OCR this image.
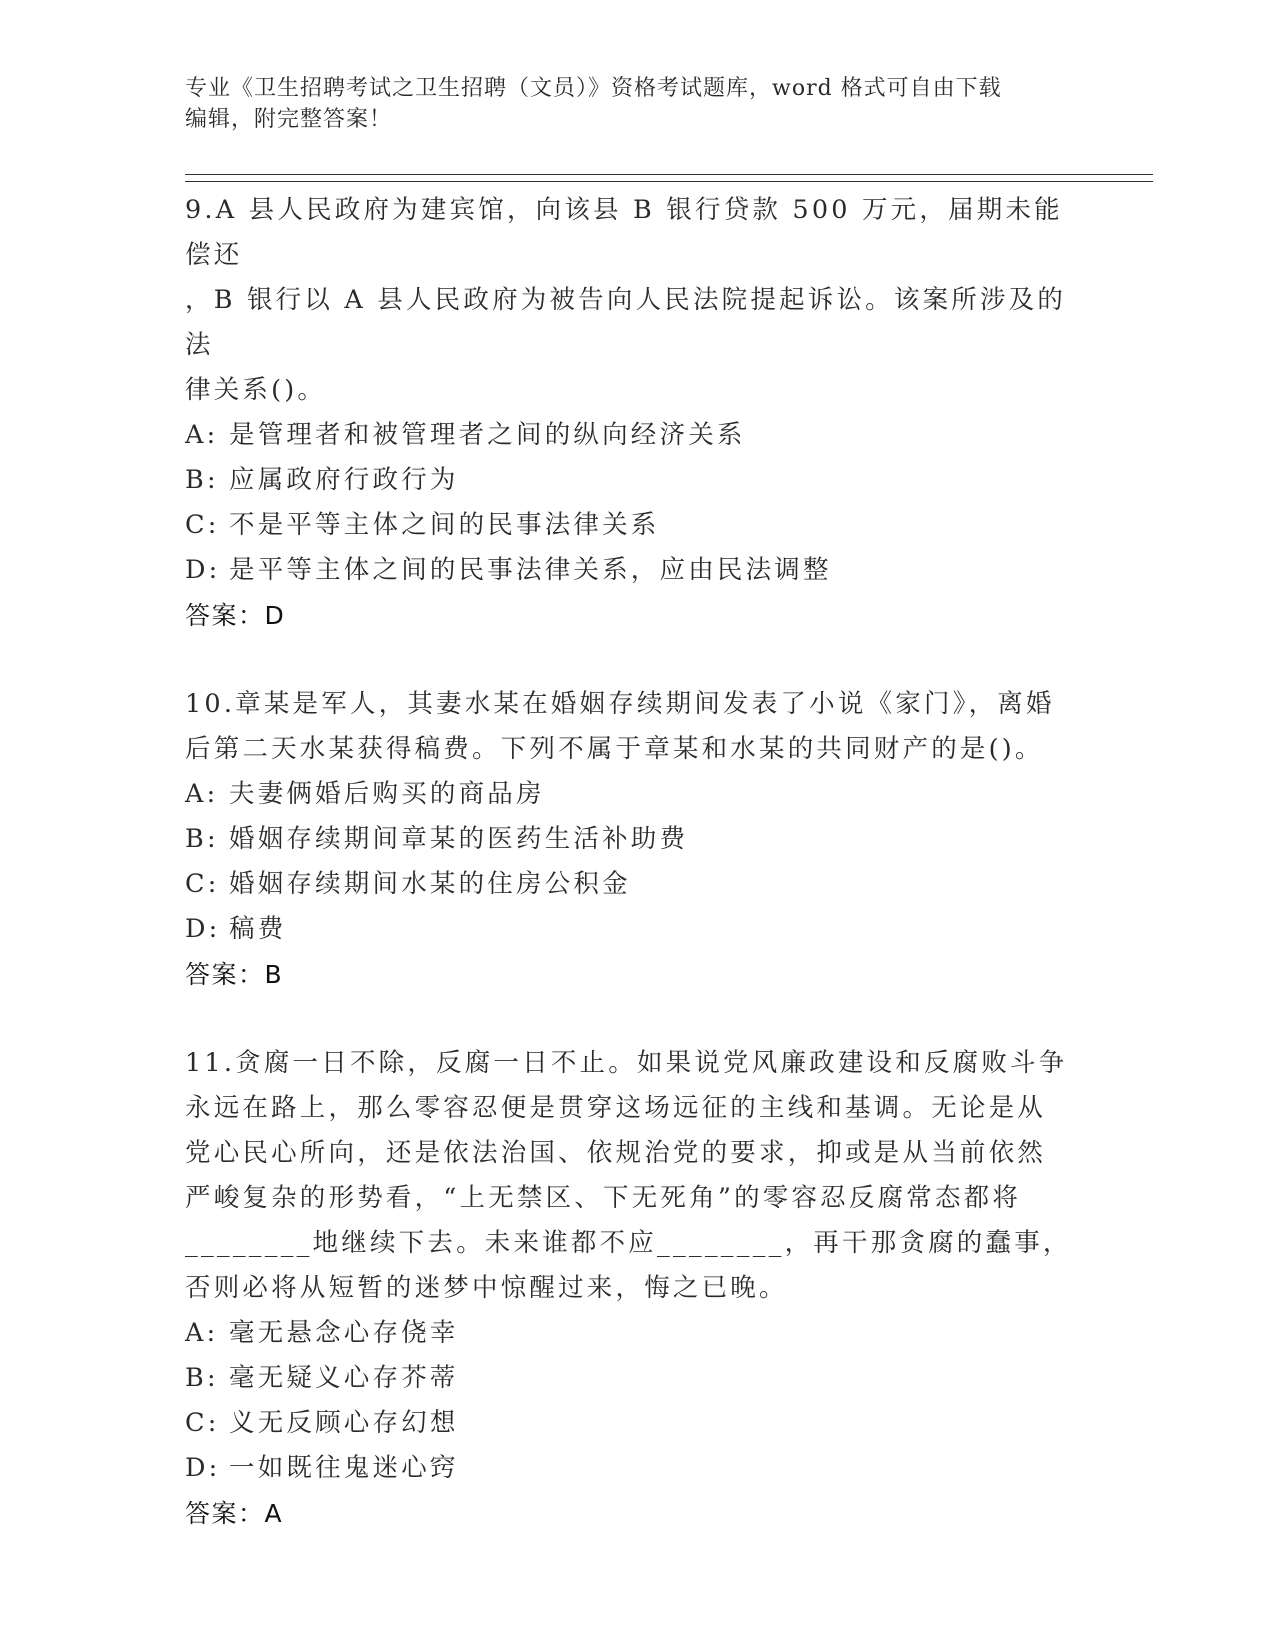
专业《卫生招聘考试之卫生招聘（文员）》资格考试题库，word 格式可自由下载
编辑，附完整答案！

9.A 县人民政府为建宾馆，向该县 B 银行贷款 500 万元，届期未能偿还

，B 银行以 A 县人民政府为被告向人民法院提起诉讼。该案所涉及的法

律关系()。

A: 是管理者和被管理者之间的纵向经济关系

B: 应属政府行政行为

C: 不是平等主体之间的民事法律关系

D: 是平等主体之间的民事法律关系，应由民法调整

答案：D

10.章某是军人，其妻水某在婚姻存续期间发表了小说《家门》，离婚

后第二天水某获得稿费。下列不属于章某和水某的共同财产的是()。

A: 夫妻俩婚后购买的商品房

B: 婚姻存续期间章某的医药生活补助费

C: 婚姻存续期间水某的住房公积金

D: 稿费

答案：B

11.贪腐一日不除，反腐一日不止。如果说党风廉政建设和反腐败斗争

永远在路上，那么零容忍便是贯穿这场远征的主线和基调。无论是从

党心民心所向，还是依法治国、依规治党的要求，抑或是从当前依然

严峻复杂的形势看，“上无禁区、下无死角”的零容忍反腐常态都将

________地继续下去。未来谁都不应________，再干那贪腐的蠢事，

否则必将从短暂的迷梦中惊醒过来，悔之已晚。

A: 毫无悬念心存侥幸

B: 毫无疑义心存芥蒂

C: 义无反顾心存幻想

D: 一如既往鬼迷心窍

答案：A
